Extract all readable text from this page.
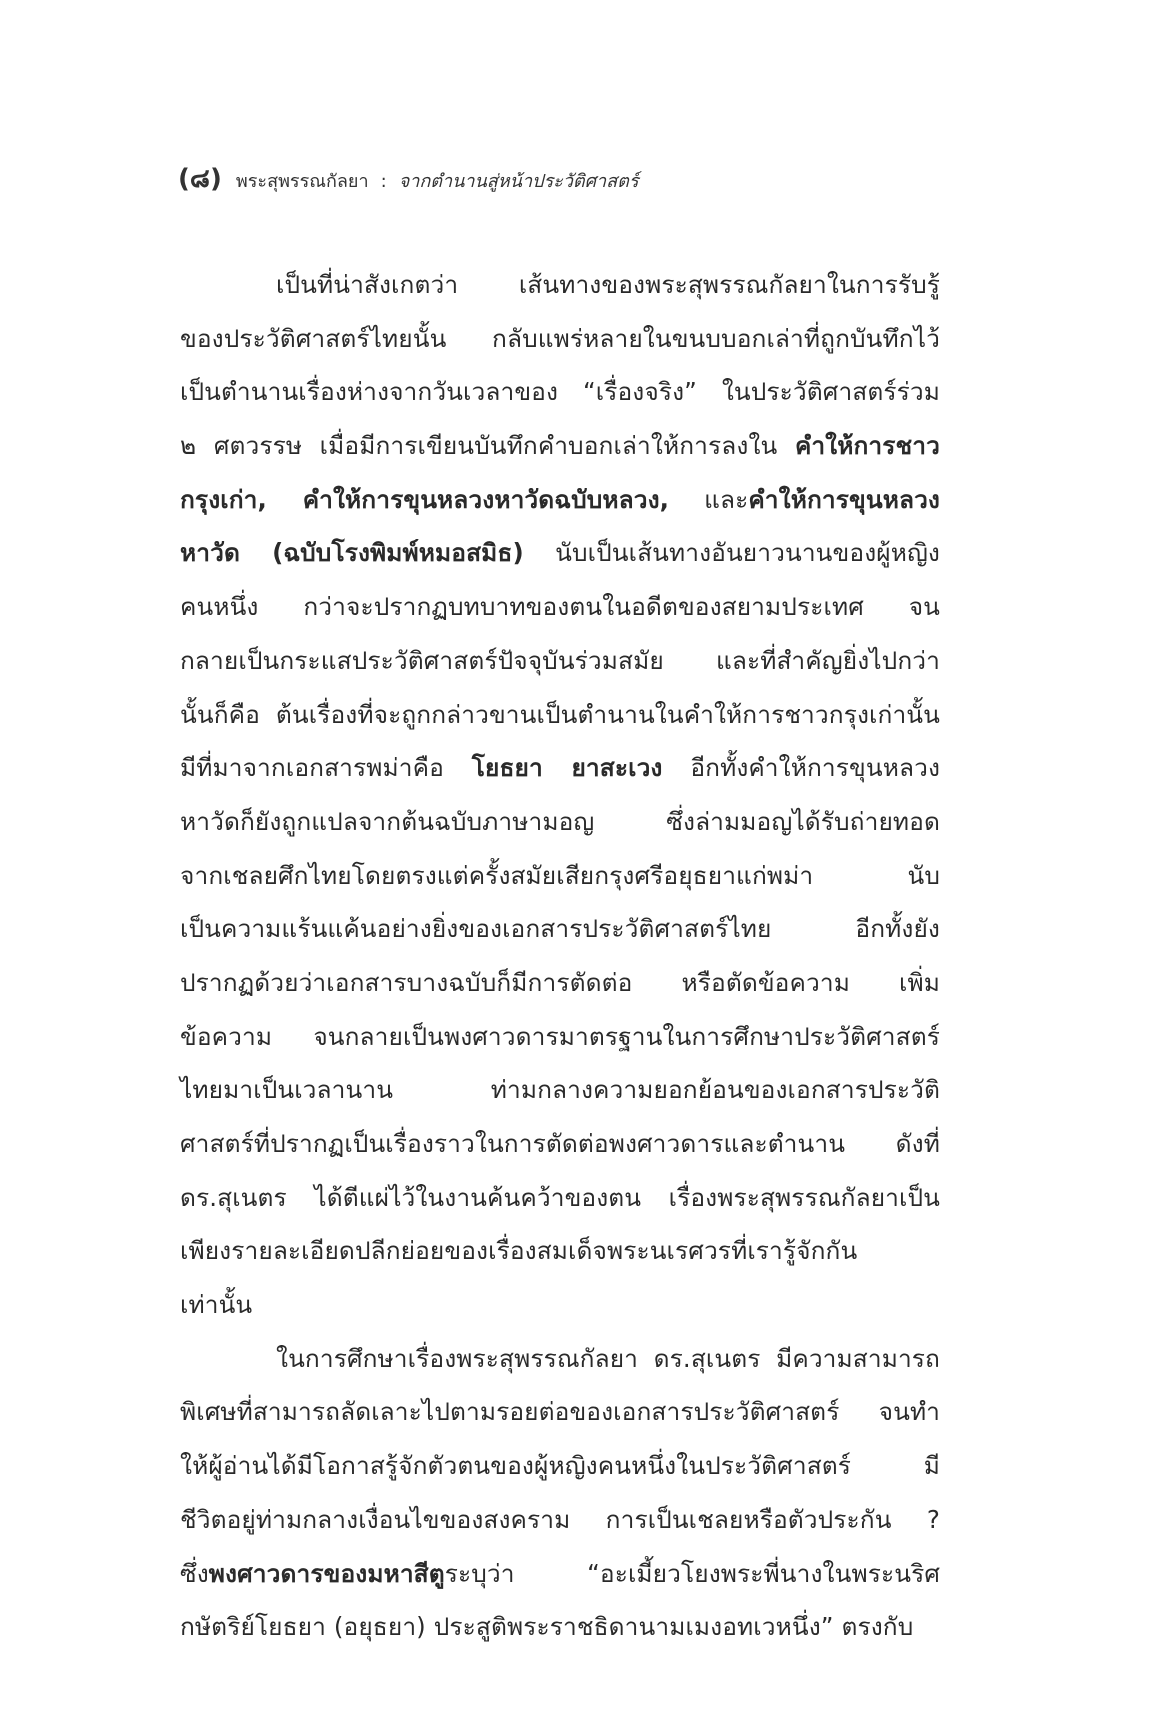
(๘) พระสุพรรณกัลยา : จากตำนานสู่หน้าประวัติศาสตร์
เป็นที่น่าสังเกตว่า เส้นทางของพระสุพรรณกัลยาในการรับรู้
ของประวัติศาสตร์ไทยนั้น กลับแพร่หลายในขนบบอกเล่าที่ถูกบันทึกไว้
เป็นตำนานเรื่องห่างจากวันเวลาของ “เรื่องจริง” ในประวัติศาสตร์ร่วม
๒ ศตวรรษ เมื่อมีการเขียนบันทึกคำบอกเล่าให้การลงใน คำให้การชาว
กรุงเก่า, คำให้การขุนหลวงหาวัดฉบับหลวง, และคำให้การขุนหลวง
หาวัด (ฉบับโรงพิมพ์หมอสมิธ) นับเป็นเส้นทางอันยาวนานของผู้หญิง
คนหนึ่ง กว่าจะปรากฏบทบาทของตนในอดีตของสยามประเทศ จน
กลายเป็นกระแสประวัติศาสตร์ปัจจุบันร่วมสมัย และที่สำคัญยิ่งไปกว่า
นั้นก็คือ ต้นเรื่องที่จะถูกกล่าวขานเป็นตำนานในคำให้การชาวกรุงเก่านั้น
มีที่มาจากเอกสารพม่าคือ โยธยา ยาสะเวง อีกทั้งคำให้การขุนหลวง
หาวัดก็ยังถูกแปลจากต้นฉบับภาษามอญ ซึ่งล่ามมอญได้รับถ่ายทอด
จากเชลยศึกไทยโดยตรงแต่ครั้งสมัยเสียกรุงศรีอยุธยาแก่พม่า นับ
เป็นความแร้นแค้นอย่างยิ่งของเอกสารประวัติศาสตร์ไทย อีกทั้งยัง
ปรากฏด้วยว่าเอกสารบางฉบับก็มีการตัดต่อ หรือตัดข้อความ เพิ่ม
ข้อความ จนกลายเป็นพงศาวดารมาตรฐานในการศึกษาประวัติศาสตร์
ไทยมาเป็นเวลานาน ท่ามกลางความยอกย้อนของเอกสารประวัติ
ศาสตร์ที่ปรากฏเป็นเรื่องราวในการตัดต่อพงศาวดารและตำนาน ดังที่
ดร.สุเนตร ได้ตีแผ่ไว้ในงานค้นคว้าของตน เรื่องพระสุพรรณกัลยาเป็น
เพียงรายละเอียดปลีกย่อยของเรื่องสมเด็จพระนเรศวรที่เรารู้จักกัน
เท่านั้น
ในการศึกษาเรื่องพระสุพรรณกัลยา ดร.สุเนตร มีความสามารถ
พิเศษที่สามารถลัดเลาะไปตามรอยต่อของเอกสารประวัติศาสตร์ จนทำ
ให้ผู้อ่านได้มีโอกาสรู้จักตัวตนของผู้หญิงคนหนึ่งในประวัติศาสตร์ มี
ชีวิตอยู่ท่ามกลางเงื่อนไขของสงคราม การเป็นเชลยหรือตัวประกัน ?
ซึ่งพงศาวดารของมหาสีตูระบุว่า “อะเมี้ยวโยงพระพี่นางในพระนริศ
กษัตริย์โยธยา (อยุธยา) ประสูติพระราชธิดานามเมงอทเวหนึ่ง” ตรงกับ
